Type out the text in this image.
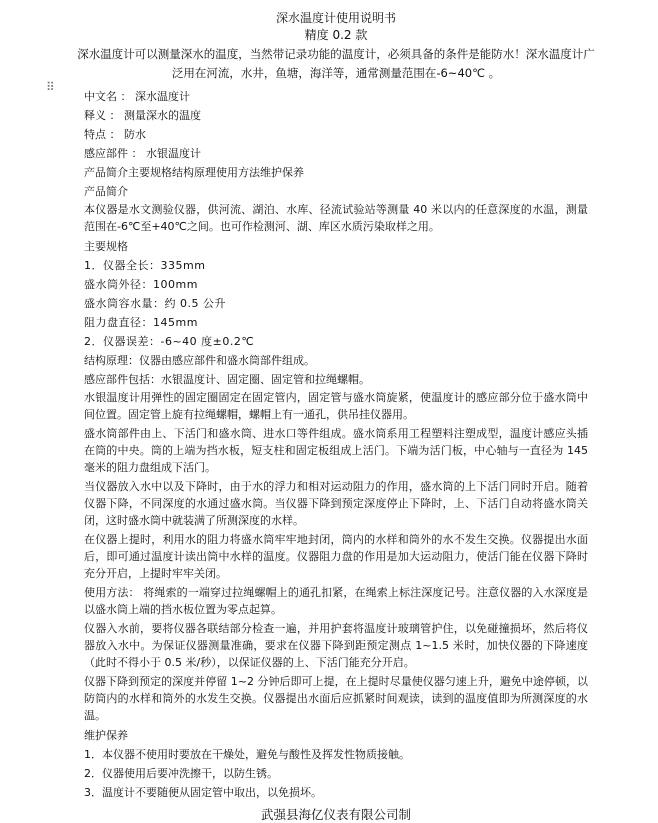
⠿
深水温度计使用说明书
精度 0.2 款
深水温度计可以测量深水的温度，当然带记录功能的温度计，必须具备的条件是能防水！深水温度计广泛用在河流，水井，鱼塘，海洋等，通常测量范围在-6~40℃ 。

中文名 ： 深水温度计

释义 ： 测量深水的温度

特点 ： 防水

感应部件 ： 水银温度计

产品简介主要规格结构原理使用方法维护保养

产品简介

本仪器是水文测验仪器，供河流、湖泊、水库、径流试验站等测量 40 米以内的任意深度的水温，测量范围在-6℃至+40℃之间。也可作检测河、湖、库区水质污染取样之用。

主要规格

1．仪器全长：335mm

盛水筒外径：100mm

盛水筒容水量：约 0.5 公升

阻力盘直径：145mm

2．仪器误差：-6~40 度±0.2℃

结构原理：仪器由感应部件和盛水筒部件组成。

感应部件包括：水银温度计、固定圈、固定管和拉绳螺帽。

水银温度计用弹性的固定圈固定在固定管内，固定管与盛水筒旋紧，使温度计的感应部分位于盛水筒中间位置。固定管上旋有拉绳螺帽，螺帽上有一通孔，供吊挂仪器用。

盛水筒部件由上、下活门和盛水筒、进水口等件组成。盛水筒系用工程塑料注塑成型，温度计感应头插在筒的中央。筒的上端为挡水板，短支柱和固定板组成上活门。下端为活门板，中心轴与一直径为 145 毫米的阻力盘组成下活门。

当仪器放入水中以及下降时，由于水的浮力和相对运动阻力的作用，盛水筒的上下活门同时开启。随着仪器下降，不同深度的水通过盛水筒。当仪器下降到预定深度停止下降时，上、下活门自动将盛水筒关闭，这时盛水筒中就装满了所测深度的水样。

在仪器上提时，利用水的阻力将盛水筒牢牢地封闭，筒内的水样和筒外的水不发生交换。仪器提出水面后，即可通过温度计读出筒中水样的温度。仪器阻力盘的作用是加大运动阻力，使活门能在仪器下降时充分开启，上提时牢牢关闭。

使用方法： 将绳索的一端穿过拉绳螺帽上的通孔扣紧，在绳索上标注深度记号。注意仪器的入水深度是以盛水筒上端的挡水板位置为零点起算。

仪器入水前，要将仪器各联结部分检查一遍，并用护套将温度计玻璃管护住，以免碰撞损坏，然后将仪器放入水中。为保证仪器测量准确，要求在仪器下降到距预定测点 1~1.5 米时，加快仪器的下降速度（此时不得小于 0.5 米/秒），以保证仪器的上、下活门能充分开启。

仪器下降到预定的深度并停留 1~2 分钟后即可上提，在上提时尽量使仪器匀速上升，避免中途停顿，以防筒内的水样和筒外的水发生交换。仪器提出水面后应抓紧时间观读，读到的温度值即为所测深度的水温。

维护保养

1．本仪器不使用时要放在干燥处，避免与酸性及挥发性物质接触。

2．仪器使用后要冲洗擦干，以防生锈。

3．温度计不要随便从固定管中取出，以免损坏。

武强县海亿仪表有限公司制
